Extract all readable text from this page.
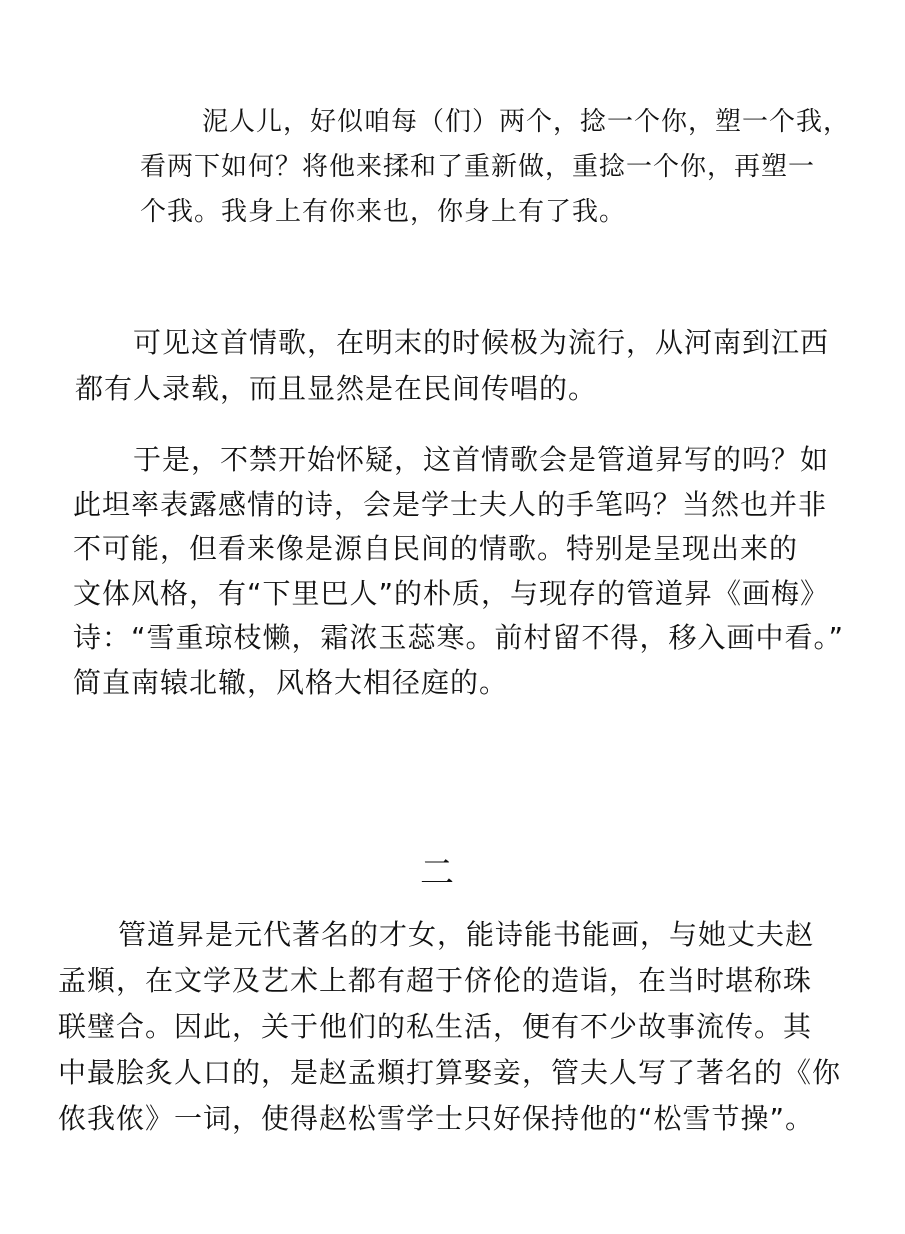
泥人儿，好似咱每（们）两个，捻一个你，塑一个我，
看两下如何？将他来揉和了重新做，重捻一个你，再塑一
个我。我身上有你来也，你身上有了我。
可见这首情歌，在明末的时候极为流行，从河南到江西
都有人录载，而且显然是在民间传唱的。
于是，不禁开始怀疑，这首情歌会是管道昇写的吗？如
此坦率表露感情的诗，会是学士夫人的手笔吗？当然也并非
不可能，但看来像是源自民间的情歌。特别是呈现出来的
文体风格，有“下里巴人”的朴质，与现存的管道昇《画梅》
诗：“雪重琼枝懒，霜浓玉蕊寒。前村留不得，移入画中看。”
简直南辕北辙，风格大相径庭的。
二
管道昇是元代著名的才女，能诗能书能画，与她丈夫赵
孟頫，在文学及艺术上都有超于侪伦的造诣，在当时堪称珠
联璧合。因此，关于他们的私生活，便有不少故事流传。其
中最脍炙人口的，是赵孟頫打算娶妾，管夫人写了著名的《你
侬我侬》一词，使得赵松雪学士只好保持他的“松雪节操”。
